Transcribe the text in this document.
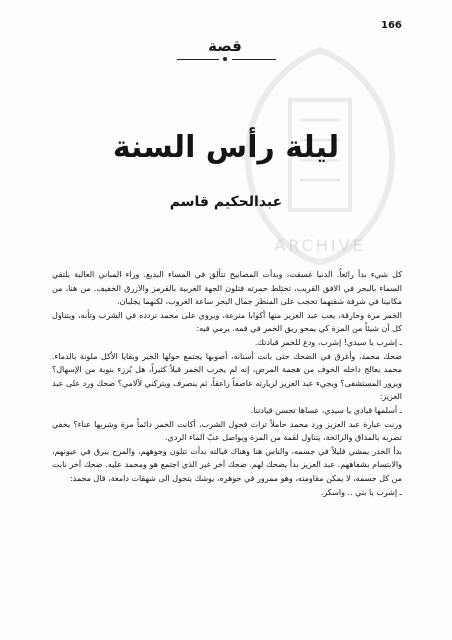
166
قصة
ARCHIVE
ليلة رأس السنة
عبدالحكيم قاسم

كل شيء بدأ رائعاً. الدنيا غسقت، وبدأت المصابيح تتألق في المساء البديع. وراء المباني العالية يلتقي السماء بالبحر في الافق القريب، تختلط حمرته فتلون الجهة الغربية بالقرمز والازرق الخفيف. من هنا، من مكانينا في شرفة شقتهما تحجب على المنظر جمال البحر ساعة الغروب، لكنهما يجلبان.

الخمر مرة وحارقة، يعب عبد العزيز منها أكوابا مترعة، ويروي على محمد تردده في الشرب وتأنه، ويتناول كل آن شيئاً من المزة كي يمحو ريق الخمر في فمه. يرمي فيه:

ـ إشرب يا سيدي! إشرب، ودع للخمر قيادتك.

ضحك محمد، وأغرق في الضحك حتى بانت أسنانه، أصوبها يجتمع حولها الجير وبقايا الأكل ملونة بالدماء. محمد يعالج داخله الخوف من هجمة المرض، إنه لم يجرب الخمر قبلاً كثيراً، هل يُرزء بنوبة من الإسهال؟ ويزور المستشفى؟ ويجيء عبد العزيز لزيارته عاصفاً زاعقاً، ثم ينصرف ويتركني لآلامي؟ ضحك ورد على عبد العزيز:

ـ أسلمها قيادي يا سيدي، عساها تحسن قيادتنا.

ورنت عبارة عبد العزيز ورد محمد حاملاً تراث فحول الشرب، أكانت الخمر دائماً مرة وشربها عناء؟ يخفي تضربه بالمذاق والرائحة، يتناول لقمة من المزة ويواصل عبّ الماء الردي.

بدأ الخدر يمشي قليلاً في جسمه، والناس هنا وهناك قبالته بدأت تتلون وجوههم، والمرح يبرق في عيونهم، والابتسام بشفاههم. عبد العزيز بدأ يضحك لهم. ضحك آخر غير الذي اجتمع هو ومحمد عليه. ضحك آخر نابت من كل جسمه، لا يمكن مقاومته، وهو ممرور في جوهره، يوشك يتحول الى شهقات دامعة، قال محمد:

ـ إشرب يا بني .. واسكر.
